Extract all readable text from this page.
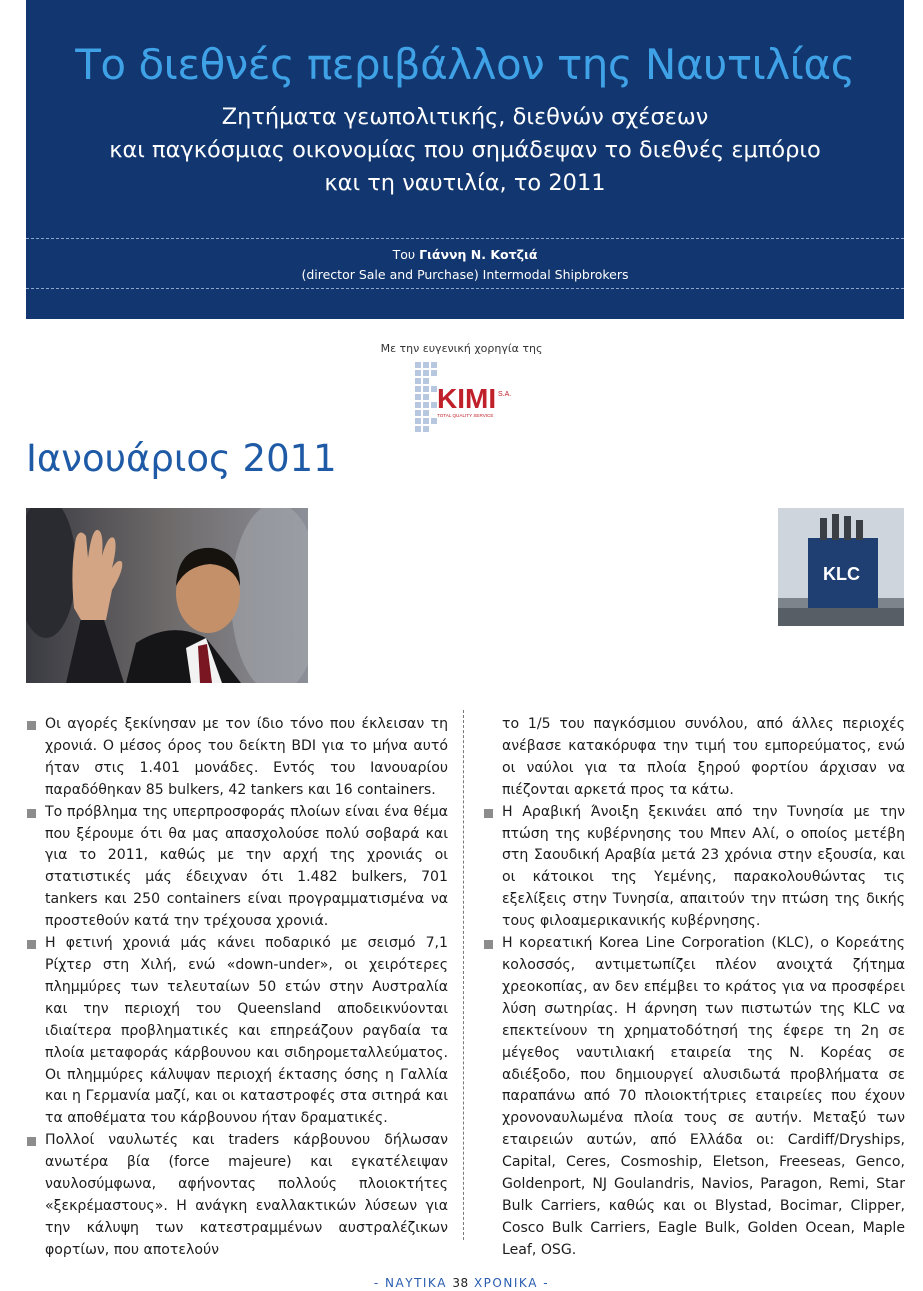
Το διεθνές περιβάλλον της Ναυτιλίας
Ζητήματα γεωπολιτικής, διεθνών σχέσεων
και παγκόσμιας οικονομίας που σημάδεψαν το διεθνές εμπόριο
και τη ναυτιλία, το 2011
Του Γιάννη Ν. Κοτζιά
(director Sale and Purchase) Intermodal Shipbrokers
Με την ευγενική χορηγία της
KIMI S.A.
TOTAL QUALITY SERVICE
Ιανουάριος 2011
KLC

Οι αγορές ξεκίνησαν με τον ίδιο τόνο που έκλεισαν τη χρονιά. Ο μέσος όρος του δείκτη BDI για το μήνα αυτό ήταν στις 1.401 μονάδες. Εντός του Ιανουαρίου παραδόθηκαν 85 bulkers, 42 tankers και 16 containers.

Το πρόβλημα της υπερπροσφοράς πλοίων είναι ένα θέμα που ξέρουμε ότι θα μας απασχολούσε πολύ σοβαρά και για το 2011, καθώς με την αρχή της χρονιάς οι στατιστικές μάς έδειχναν ότι 1.482 bulkers, 701 tankers και 250 containers είναι προγραμματισμένα να προστεθούν κατά την τρέχουσα χρονιά.

Η φετινή χρονιά μάς κάνει ποδαρικό με σεισμό 7,1 Ρίχτερ στη Χιλή, ενώ «down-under», οι χειρότερες πλημμύρες των τελευταίων 50 ετών στην Αυστραλία και την περιοχή του Queensland αποδεικνύονται ιδιαίτερα προβληματικές και επηρεάζουν ραγδαία τα πλοία μεταφοράς κάρβουνου και σιδηρομεταλλεύματος. Οι πλημμύρες κάλυψαν περιοχή έκτασης όσης η Γαλλία και η Γερμανία μαζί, και οι καταστροφές στα σιτηρά και τα αποθέματα του κάρβουνου ήταν δραματικές.

Πολλοί ναυλωτές και traders κάρβουνου δήλωσαν ανωτέρα βία (force majeure) και εγκατέλειψαν ναυλοσύμφωνα, αφήνοντας πολλούς πλοιοκτήτες «ξεκρέμαστους». Η ανάγκη εναλλακτικών λύσεων για την κάλυψη των κατεστραμμένων αυστραλέζικων φορτίων, που αποτελούν

το 1/5 του παγκόσμιου συνόλου, από άλλες περιοχές ανέβασε κατακόρυφα την τιμή του εμπορεύματος, ενώ οι ναύλοι για τα πλοία ξηρού φορτίου άρχισαν να πιέζονται αρκετά προς τα κάτω.

Η Αραβική Άνοιξη ξεκινάει από την Τυνησία με την πτώση της κυβέρνησης του Μπεν Αλί, ο οποίος μετέβη στη Σαουδική Αραβία μετά 23 χρόνια στην εξουσία, και οι κάτοικοι της Υεμένης, παρακολουθώντας τις εξελίξεις στην Τυνησία, απαιτούν την πτώση της δικής τους φιλοαμερικανικής κυβέρνησης.

Η κορεατική Korea Line Corporation (KLC), ο Κορεάτης κολοσσός, αντιμετωπίζει πλέον ανοιχτά ζήτημα χρεοκοπίας, αν δεν επέμβει το κράτος για να προσφέρει λύση σωτηρίας. Η άρνηση των πιστωτών της KLC να επεκτείνουν τη χρηματοδότησή της έφερε τη 2η σε μέγεθος ναυτιλιακή εταιρεία της Ν. Κορέας σε αδιέξοδο, που δημιουργεί αλυσιδωτά προβλήματα σε παραπάνω από 70 πλοιοκτήτριες εταιρείες που έχουν χρονοναυλωμένα πλοία τους σε αυτήν. Μεταξύ των εταιρειών αυτών, από Ελλάδα οι: Cardiff/Dryships, Capital, Ceres, Cosmoship, Eletson, Freeseas, Genco, Goldenport, NJ Goulandris, Navios, Paragon, Remi, Star Bulk Carriers, καθώς και οι Blystad, Bocimar, Clipper, Cosco Bulk Carriers, Eagle Bulk, Golden Ocean, Maple Leaf, OSG.

- ΝΑΥΤΙΚΑ 38 ΧΡΟΝΙΚΑ -
